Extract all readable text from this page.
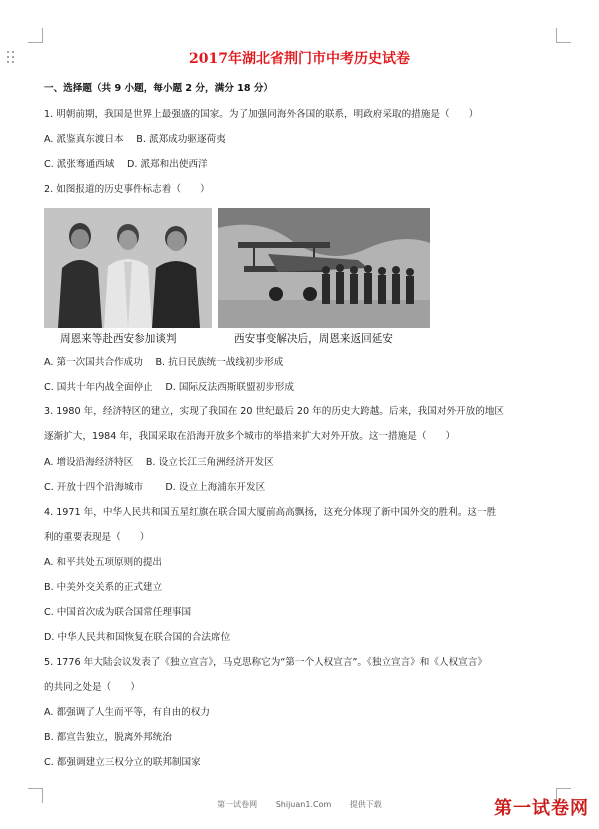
2017年湖北省荆门市中考历史试卷
一、选择题（共 9 小题，每小题 2 分，满分 18 分）
1. 明朝前期，我国是世界上最强盛的国家。为了加强同海外各国的联系，明政府采取的措施是（　　）
A. 派鉴真东渡日本　 B. 派郑成功驱逐荷夷
C. 派张骞通西域　 D. 派郑和出使西洋
2. 如图报道的历史事件标志着（　　）
周恩来等赴西安参加谈判	西安事变解决后，周恩来返回延安
A. 第一次国共合作成功　 B. 抗日民族统一战线初步形成
C. 国共十年内战全面停止　 D. 国际反法西斯联盟初步形成
3. 1980 年，经济特区的建立，实现了我国在 20 世纪最后 20 年的历史大跨越。后来，我国对外开放的地区
逐渐扩大，1984 年，我国采取在沿海开放多个城市的举措来扩大对外开放。这一措施是（　　）
A. 增设沿海经济特区　 B. 设立长江三角洲经济开发区
C. 开放十四个沿海城市　　 D. 设立上海浦东开发区
4. 1971 年，中华人民共和国五星红旗在联合国大厦前高高飘扬，这充分体现了新中国外交的胜利。这一胜
利的重要表现是（　　）
A. 和平共处五项原则的提出
B. 中美外交关系的正式建立
C. 中国首次成为联合国常任理事国
D. 中华人民共和国恢复在联合国的合法席位
5. 1776 年大陆会议发表了《独立宣言》，马克思称它为“第一个人权宣言”。《独立宣言》和《人权宣言》
的共同之处是（　　）
A. 都强调了人生而平等，有自由的权力
B. 都宣告独立，脱离外邦统治
C. 都强调建立三权分立的联邦制国家
第一试卷网　　 Shijuan1.Com　　 提供下载	第一试卷网
